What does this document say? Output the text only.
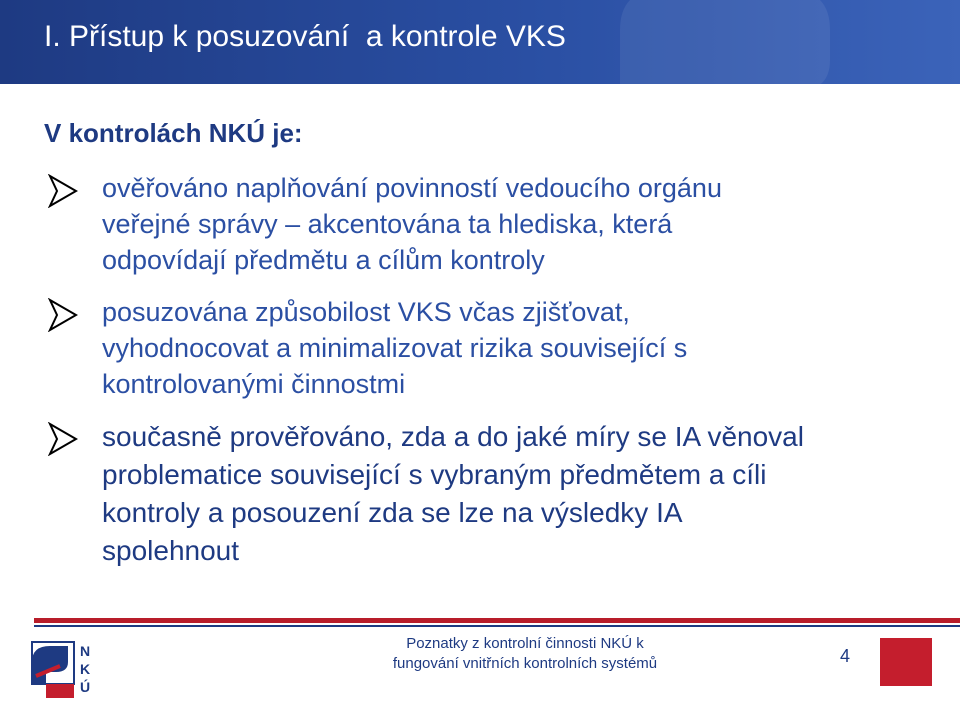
I. Přístup k posuzování  a kontrole VKS
V kontrolách NKÚ je:
ověřováno naplňování povinností vedoucího orgánu
veřejné správy – akcentována ta hlediska, která
odpovídají předmětu a cílům kontroly
posuzována způsobilost VKS včas zjišťovat,
vyhodnocovat a minimalizovat rizika související s
kontrolovanými činnostmi
současně prověřováno, zda a do jaké míry se IA věnoval
problematice související s vybraným předmětem a cíli
kontroly a posouzení zda se lze na výsledky IA
spolehnout
N
K
Ú
Poznatky z kontrolní činnosti NKÚ k
fungování vnitřních kontrolních systémů	4
